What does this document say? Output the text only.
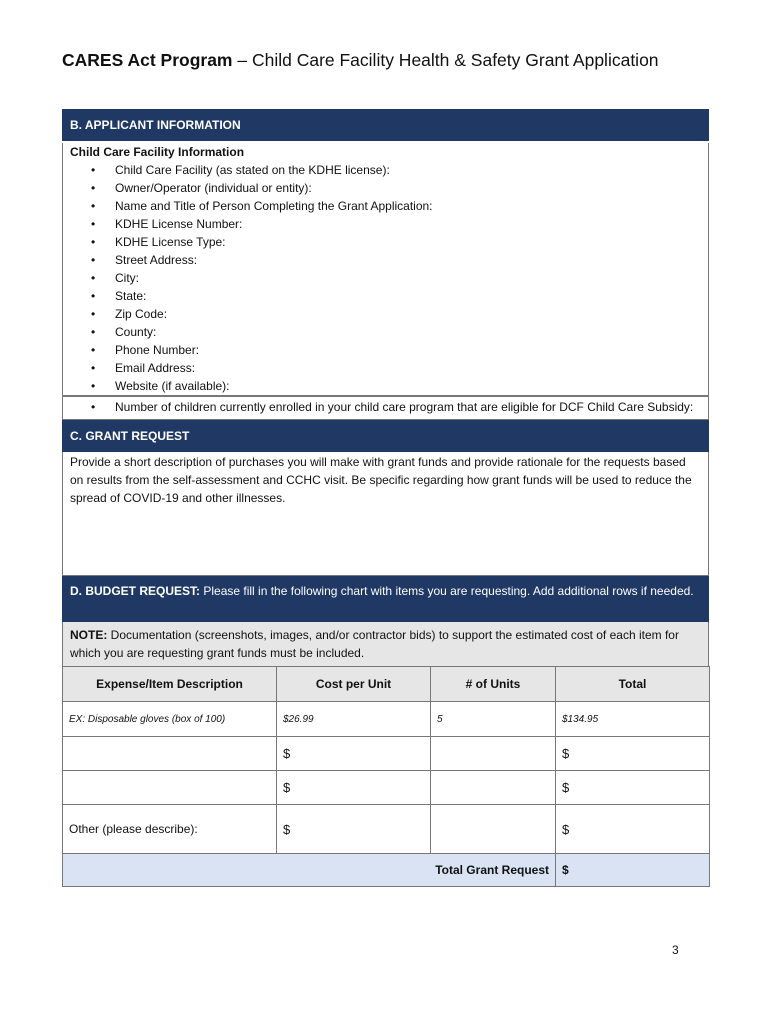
CARES Act Program – Child Care Facility Health & Safety Grant Application
B. APPLICANT INFORMATION
Child Care Facility Information
• Child Care Facility (as stated on the KDHE license):
• Owner/Operator (individual or entity):
• Name and Title of Person Completing the Grant Application:
• KDHE License Number:
• KDHE License Type:
• Street Address:
• City:
• State:
• Zip Code:
• County:
• Phone Number:
• Email Address:
• Website (if available):
• Number of children currently enrolled in your child care program that are eligible for DCF Child Care Subsidy:
C. GRANT REQUEST
Provide a short description of purchases you will make with grant funds and provide rationale for the requests based on results from the self-assessment and CCHC visit. Be specific regarding how grant funds will be used to reduce the spread of COVID-19 and other illnesses.
D. BUDGET REQUEST: Please fill in the following chart with items you are requesting. Add additional rows if needed.
NOTE: Documentation (screenshots, images, and/or contractor bids) to support the estimated cost of each item for which you are requesting grant funds must be included.
Expense/Item Description	Cost per Unit	# of Units	Total
EX: Disposable gloves (box of 100)	$26.99	5	$134.95
	$		$
	$		$
Other (please describe):	$		$
Total Grant Request			$
3
